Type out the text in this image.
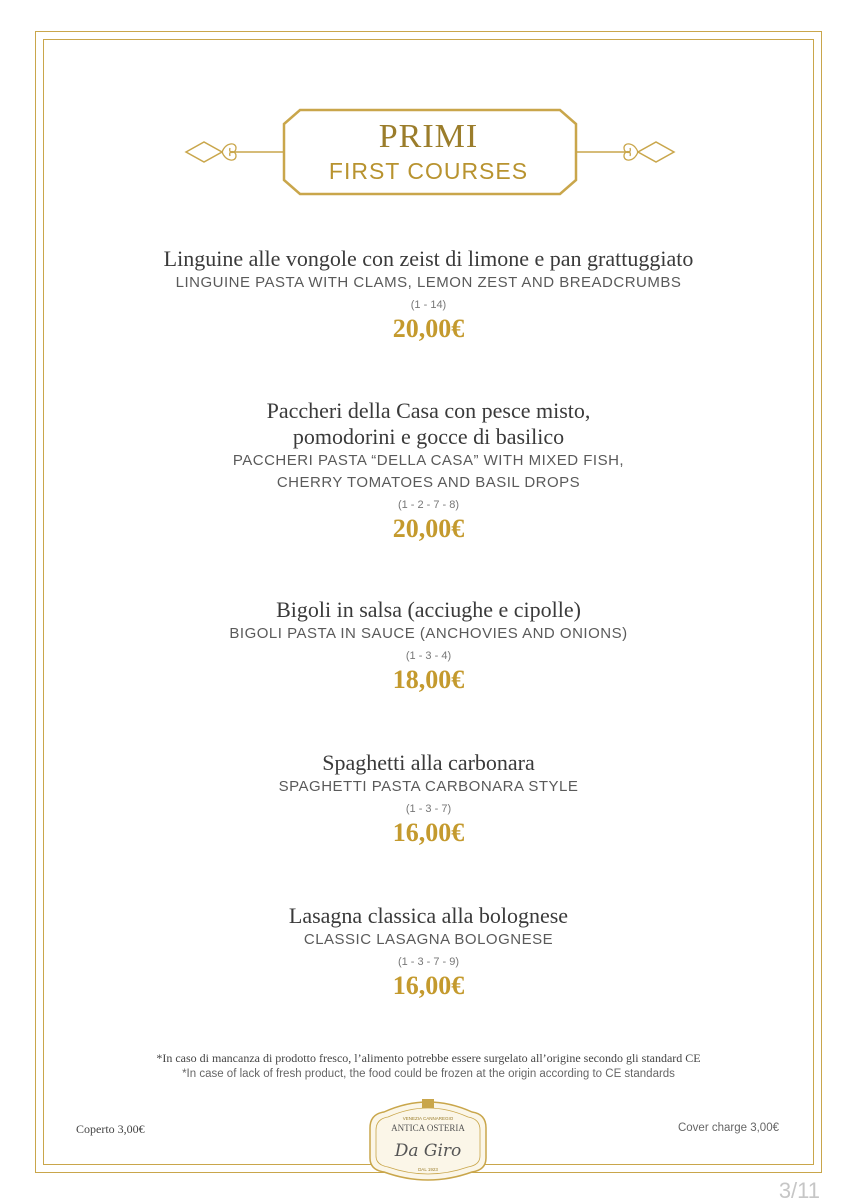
PRIMI
FIRST COURSES
Linguine alle vongole con zeist di limone e pan grattuggiato
LINGUINE PASTA WITH CLAMS, LEMON ZEST AND BREADCRUMBS
(1 - 14)
20,00€
Paccheri della Casa con pesce misto,
pomodorini e gocce di basilico
PACCHERI PASTA “DELLA CASA” WITH MIXED FISH,
CHERRY TOMATOES AND BASIL DROPS
(1 - 2 - 7 - 8)
20,00€
Bigoli in salsa (acciughe e cipolle)
BIGOLI PASTA IN SAUCE (ANCHOVIES AND ONIONS)
(1 - 3 - 4)
18,00€
Spaghetti alla carbonara
SPAGHETTI PASTA CARBONARA STYLE
(1 - 3 - 7)
16,00€
Lasagna classica alla bolognese
CLASSIC LASAGNA BOLOGNESE
(1 - 3 - 7 - 9)
16,00€
*In caso di mancanza di prodotto fresco, l’alimento potrebbe essere surgelato all’origine secondo gli standard CE
*In case of lack of fresh product, the food could be frozen at the origin according to CE standards
Coperto 3,00€	Cover charge 3,00€
VENEZIA CANNAREGIO
ANTICA OSTERIA
Da Giro
DAL 1923
3/11
